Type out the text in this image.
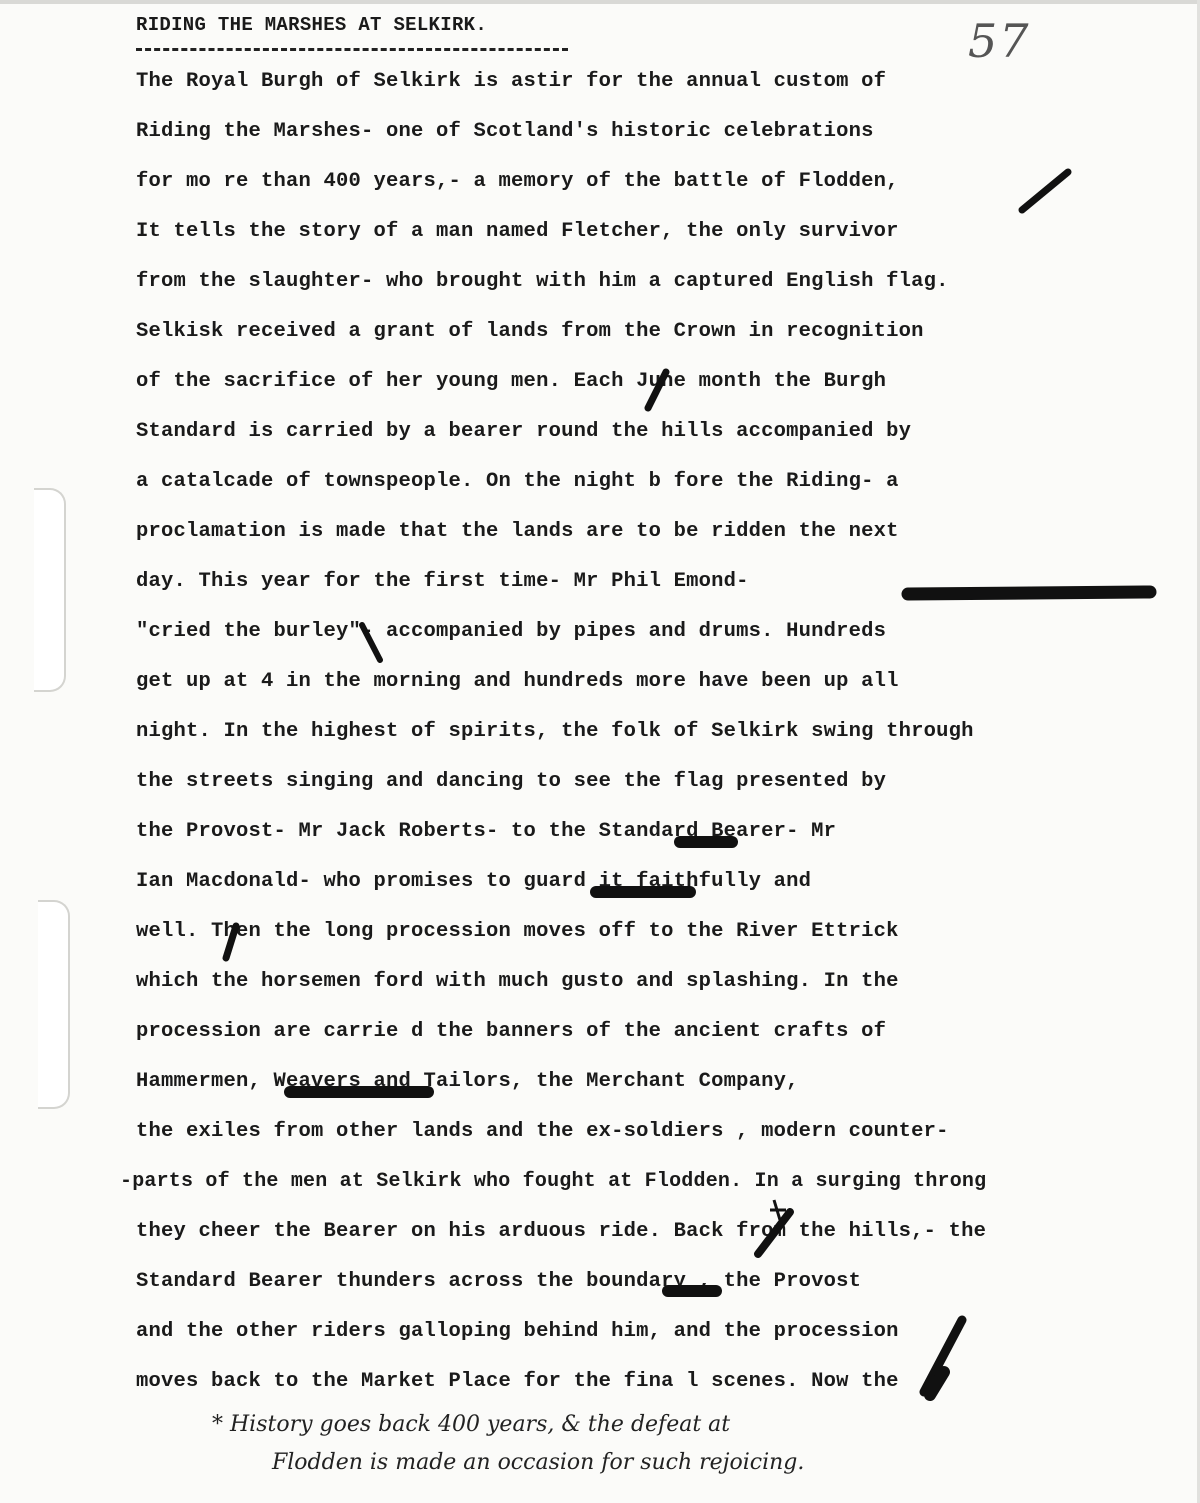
RIDING THE MARSHES AT SELKIRK.	57
The Royal Burgh of Selkirk is astir for the annual custom of
Riding the Marshes- one of Scotland's historic celebrations
for mo re than 400 years,- a memory of the battle of Flodden,
It tells the story of a man named Fletcher, the only survivor
from the slaughter- who brought with him a captured English flag.
Selkisk received a grant of lands from the Crown in recognition
of the sacrifice of her young men. Each June month the Burgh
Standard is carried by a bearer round the hills accompanied by
a catalcade of townspeople. On the night b fore the Riding- a
proclamation is made that the lands are to be ridden the next
day. This year for the first time- Mr Phil Emond-
"cried the burley"- accompanied by pipes and drums. Hundreds
get up at 4 in the morning and hundreds more have been up all
night. In the highest of spirits, the folk of Selkirk swing through
the streets singing and dancing to see the flag presented by
the Provost- Mr Jack Roberts- to the Standard Bearer- Mr
Ian Macdonald- who promises to guard it faithfully and
well. Then the long procession moves off to the River Ettrick
which the horsemen ford with much gusto and splashing. In the
procession are carrie d the banners of the ancient crafts of
Hammermen, Weavers and Tailors, the Merchant Company,
the exiles from other lands and the ex-soldiers , modern counter-
-parts of the men at Selkirk who fought at Flodden. In a surging throng
they cheer the Bearer on his arduous ride. Back from the hills,- the
Standard Bearer thunders across the boundary , the Provost
and the other riders galloping behind him, and the procession
moves back to the Market Place for the fina l scenes. Now the
* History goes back 400 years, & the defeat at
Flodden is made an occasion for such rejoicing.
